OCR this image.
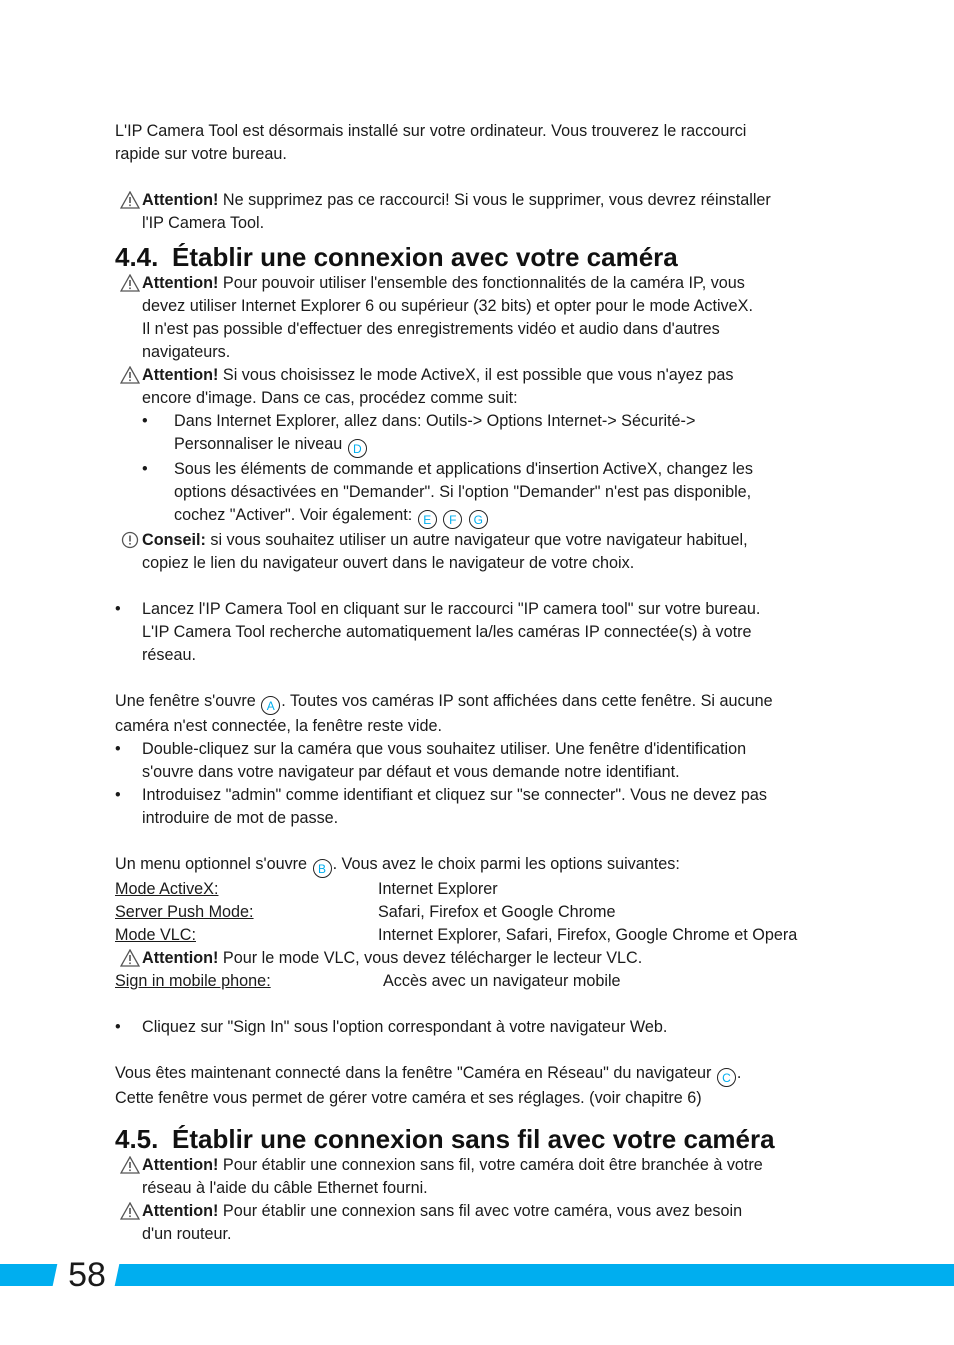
L'IP Camera Tool est désormais installé sur votre ordinateur. Vous trouverez le raccourci

rapide sur votre bureau.

Attention! Ne supprimez pas ce raccourci! Si vous le supprimer, vous devrez réinstaller

l'IP Camera Tool.

4.4. Établir une connexion avec votre caméra

Attention! Pour pouvoir utiliser l'ensemble des fonctionnalités de la caméra IP, vous

devez utiliser Internet Explorer 6 ou supérieur (32 bits) et opter pour le mode ActiveX.

Il n'est pas possible d'effectuer des enregistrements vidéo et audio dans d'autres

navigateurs.

Attention! Si vous choisissez le mode ActiveX, il est possible que vous n'ayez pas

encore d'image. Dans ce cas, procédez comme suit:

• Dans Internet Explorer, allez dans: Outils-> Options Internet-> Sécurité->

Personnaliser le niveau D

• Sous les éléments de commande et applications d'insertion ActiveX, changez les

options désactivées en "Demander". Si l'option "Demander" n'est pas disponible,

cochez "Activer". Voir également: E F G

Conseil: si vous souhaitez utiliser un autre navigateur que votre navigateur habituel,

copiez le lien du navigateur ouvert dans le navigateur de votre choix.

• Lancez l'IP Camera Tool en cliquant sur le raccourci "IP camera tool" sur votre bureau.

L'IP Camera Tool recherche automatiquement la/les caméras IP connectée(s) à votre

réseau.

Une fenêtre s'ouvre A . Toutes vos caméras IP sont affichées dans cette fenêtre. Si aucune

caméra n'est connectée, la fenêtre reste vide.

• Double-cliquez sur la caméra que vous souhaitez utiliser. Une fenêtre d'identification

s'ouvre dans votre navigateur par défaut et vous demande notre identifiant.

• Introduisez "admin" comme identifiant et cliquez sur "se connecter". Vous ne devez pas

introduire de mot de passe.

Un menu optionnel s'ouvre B . Vous avez le choix parmi les options suivantes:

Mode ActiveX:	Internet Explorer
Server Push Mode:	Safari, Firefox et Google Chrome
Mode VLC:	Internet Explorer, Safari, Firefox, Google Chrome et Opera

Attention! Pour le mode VLC, vous devez télécharger le lecteur VLC.

Sign in mobile phone:	Accès avec un navigateur mobile
• Cliquez sur "Sign In" sous l'option correspondant à votre navigateur Web.

Vous êtes maintenant connecté dans la fenêtre "Caméra en Réseau" du navigateur C .

Cette fenêtre vous permet de gérer votre caméra et ses réglages. (voir chapitre 6)

4.5. Établir une connexion sans fil avec votre caméra

Attention! Pour établir une connexion sans fil, votre caméra doit être branchée à votre

réseau à l'aide du câble Ethernet fourni.

Attention! Pour établir une connexion sans fil avec votre caméra, vous avez besoin

d'un routeur.

58
